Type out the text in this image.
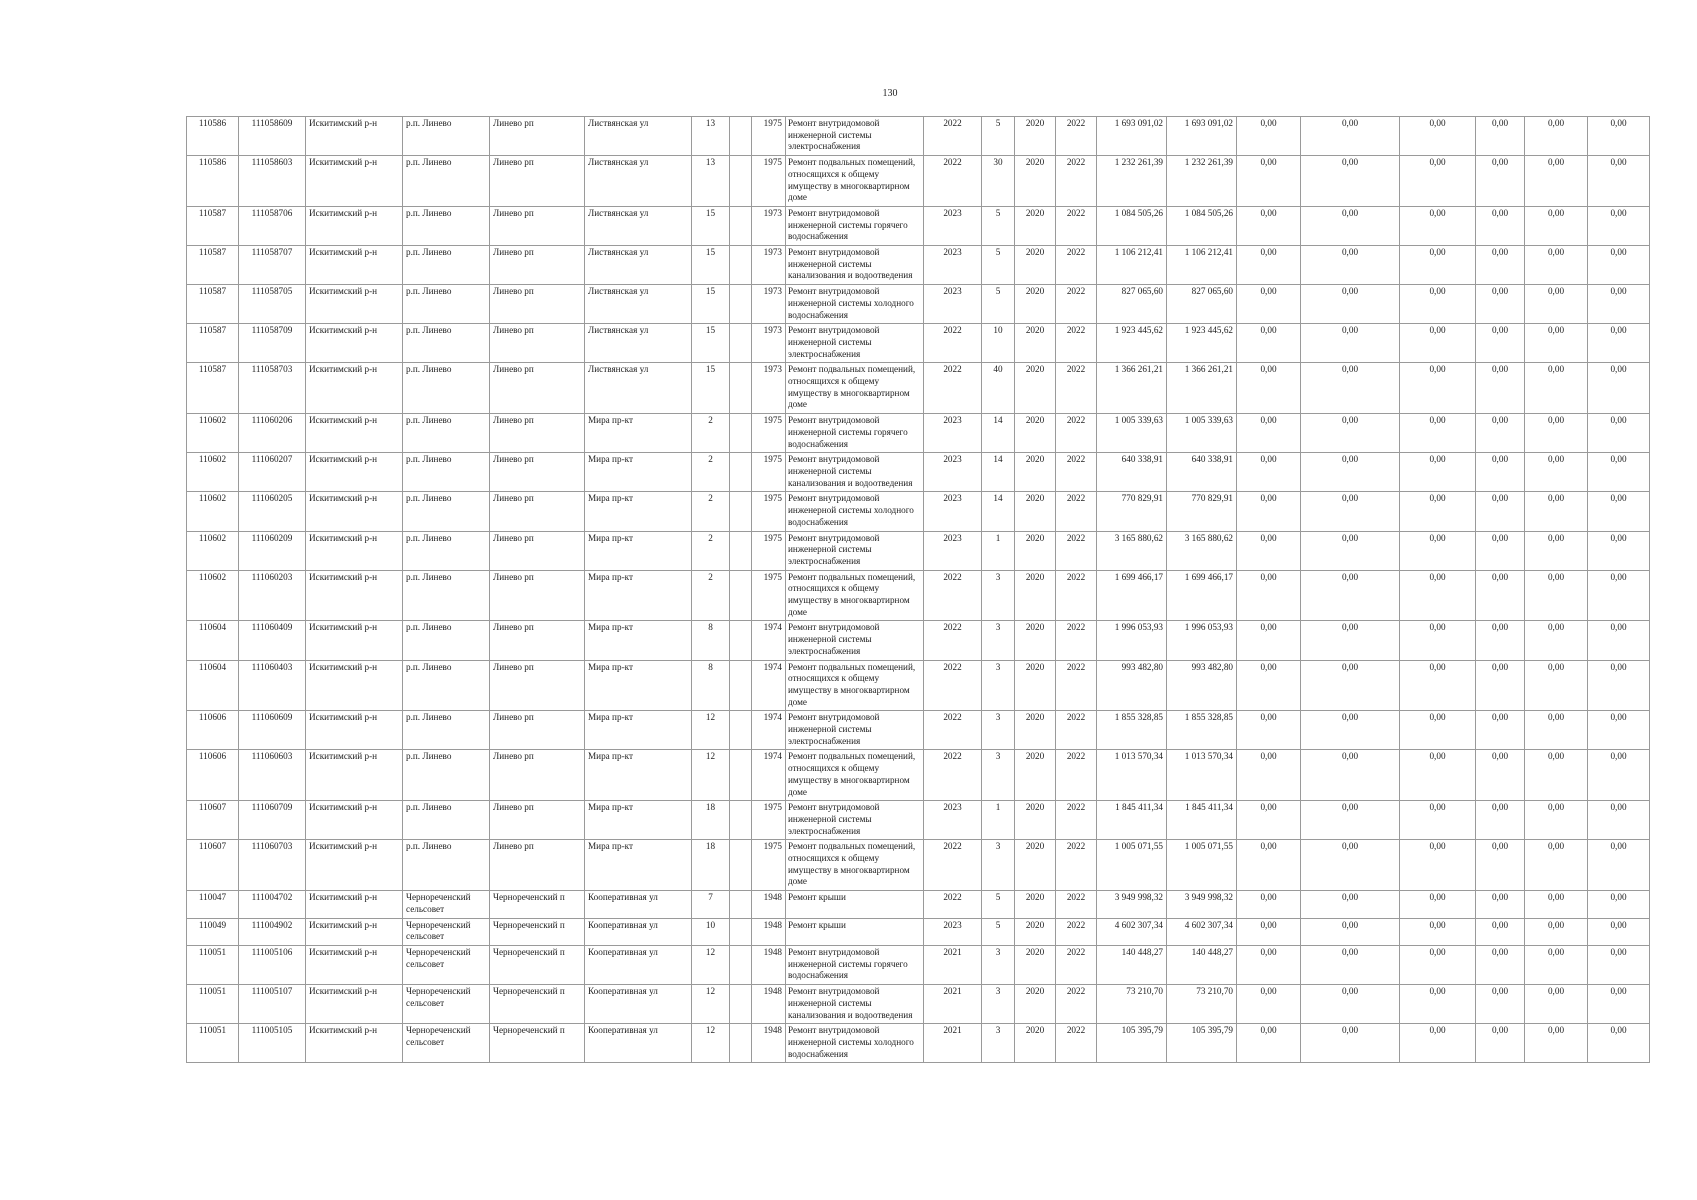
130
110586	111058609	Искитимский р-н	р.п. Линево	Линево рп	Листвянская ул	13		1975	Ремонт внутридомовой инженерной системы электроснабжения	2022	5	2020	2022	1 693 091,02	1 693 091,02	0,00	0,00	0,00	0,00	0,00	0,00
110586	111058603	Искитимский р-н	р.п. Линево	Линево рп	Листвянская ул	13		1975	Ремонт подвальных помещений, относящихся к общему имуществу в многоквартирном доме	2022	30	2020	2022	1 232 261,39	1 232 261,39	0,00	0,00	0,00	0,00	0,00	0,00
110587	111058706	Искитимский р-н	р.п. Линево	Линево рп	Листвянская ул	15		1973	Ремонт внутридомовой инженерной системы горячего водоснабжения	2023	5	2020	2022	1 084 505,26	1 084 505,26	0,00	0,00	0,00	0,00	0,00	0,00
110587	111058707	Искитимский р-н	р.п. Линево	Линево рп	Листвянская ул	15		1973	Ремонт внутридомовой инженерной системы канализования и водоотведения	2023	5	2020	2022	1 106 212,41	1 106 212,41	0,00	0,00	0,00	0,00	0,00	0,00
110587	111058705	Искитимский р-н	р.п. Линево	Линево рп	Листвянская ул	15		1973	Ремонт внутридомовой инженерной системы холодного водоснабжения	2023	5	2020	2022	827 065,60	827 065,60	0,00	0,00	0,00	0,00	0,00	0,00
110587	111058709	Искитимский р-н	р.п. Линево	Линево рп	Листвянская ул	15		1973	Ремонт внутридомовой инженерной системы электроснабжения	2022	10	2020	2022	1 923 445,62	1 923 445,62	0,00	0,00	0,00	0,00	0,00	0,00
110587	111058703	Искитимский р-н	р.п. Линево	Линево рп	Листвянская ул	15		1973	Ремонт подвальных помещений, относящихся к общему имуществу в многоквартирном доме	2022	40	2020	2022	1 366 261,21	1 366 261,21	0,00	0,00	0,00	0,00	0,00	0,00
110602	111060206	Искитимский р-н	р.п. Линево	Линево рп	Мира пр-кт	2		1975	Ремонт внутридомовой инженерной системы горячего водоснабжения	2023	14	2020	2022	1 005 339,63	1 005 339,63	0,00	0,00	0,00	0,00	0,00	0,00
110602	111060207	Искитимский р-н	р.п. Линево	Линево рп	Мира пр-кт	2		1975	Ремонт внутридомовой инженерной системы канализования и водоотведения	2023	14	2020	2022	640 338,91	640 338,91	0,00	0,00	0,00	0,00	0,00	0,00
110602	111060205	Искитимский р-н	р.п. Линево	Линево рп	Мира пр-кт	2		1975	Ремонт внутридомовой инженерной системы холодного водоснабжения	2023	14	2020	2022	770 829,91	770 829,91	0,00	0,00	0,00	0,00	0,00	0,00
110602	111060209	Искитимский р-н	р.п. Линево	Линево рп	Мира пр-кт	2		1975	Ремонт внутридомовой инженерной системы электроснабжения	2023	1	2020	2022	3 165 880,62	3 165 880,62	0,00	0,00	0,00	0,00	0,00	0,00
110602	111060203	Искитимский р-н	р.п. Линево	Линево рп	Мира пр-кт	2		1975	Ремонт подвальных помещений, относящихся к общему имуществу в многоквартирном доме	2022	3	2020	2022	1 699 466,17	1 699 466,17	0,00	0,00	0,00	0,00	0,00	0,00
110604	111060409	Искитимский р-н	р.п. Линево	Линево рп	Мира пр-кт	8		1974	Ремонт внутридомовой инженерной системы электроснабжения	2022	3	2020	2022	1 996 053,93	1 996 053,93	0,00	0,00	0,00	0,00	0,00	0,00
110604	111060403	Искитимский р-н	р.п. Линево	Линево рп	Мира пр-кт	8		1974	Ремонт подвальных помещений, относящихся к общему имуществу в многоквартирном доме	2022	3	2020	2022	993 482,80	993 482,80	0,00	0,00	0,00	0,00	0,00	0,00
110606	111060609	Искитимский р-н	р.п. Линево	Линево рп	Мира пр-кт	12		1974	Ремонт внутридомовой инженерной системы электроснабжения	2022	3	2020	2022	1 855 328,85	1 855 328,85	0,00	0,00	0,00	0,00	0,00	0,00
110606	111060603	Искитимский р-н	р.п. Линево	Линево рп	Мира пр-кт	12		1974	Ремонт подвальных помещений, относящихся к общему имуществу в многоквартирном доме	2022	3	2020	2022	1 013 570,34	1 013 570,34	0,00	0,00	0,00	0,00	0,00	0,00
110607	111060709	Искитимский р-н	р.п. Линево	Линево рп	Мира пр-кт	18		1975	Ремонт внутридомовой инженерной системы электроснабжения	2023	1	2020	2022	1 845 411,34	1 845 411,34	0,00	0,00	0,00	0,00	0,00	0,00
110607	111060703	Искитимский р-н	р.п. Линево	Линево рп	Мира пр-кт	18		1975	Ремонт подвальных помещений, относящихся к общему имуществу в многоквартирном доме	2022	3	2020	2022	1 005 071,55	1 005 071,55	0,00	0,00	0,00	0,00	0,00	0,00
110047	111004702	Искитимский р-н	Чернореченский сельсовет	Чернореченский п	Кооперативная ул	7		1948	Ремонт крыши	2022	5	2020	2022	3 949 998,32	3 949 998,32	0,00	0,00	0,00	0,00	0,00	0,00
110049	111004902	Искитимский р-н	Чернореченский сельсовет	Чернореченский п	Кооперативная ул	10		1948	Ремонт крыши	2023	5	2020	2022	4 602 307,34	4 602 307,34	0,00	0,00	0,00	0,00	0,00	0,00
110051	111005106	Искитимский р-н	Чернореченский сельсовет	Чернореченский п	Кооперативная ул	12		1948	Ремонт внутридомовой инженерной системы горячего водоснабжения	2021	3	2020	2022	140 448,27	140 448,27	0,00	0,00	0,00	0,00	0,00	0,00
110051	111005107	Искитимский р-н	Чернореченский сельсовет	Чернореченский п	Кооперативная ул	12		1948	Ремонт внутридомовой инженерной системы канализования и водоотведения	2021	3	2020	2022	73 210,70	73 210,70	0,00	0,00	0,00	0,00	0,00	0,00
110051	111005105	Искитимский р-н	Чернореченский сельсовет	Чернореченский п	Кооперативная ул	12		1948	Ремонт внутридомовой инженерной системы холодного водоснабжения	2021	3	2020	2022	105 395,79	105 395,79	0,00	0,00	0,00	0,00	0,00	0,00
